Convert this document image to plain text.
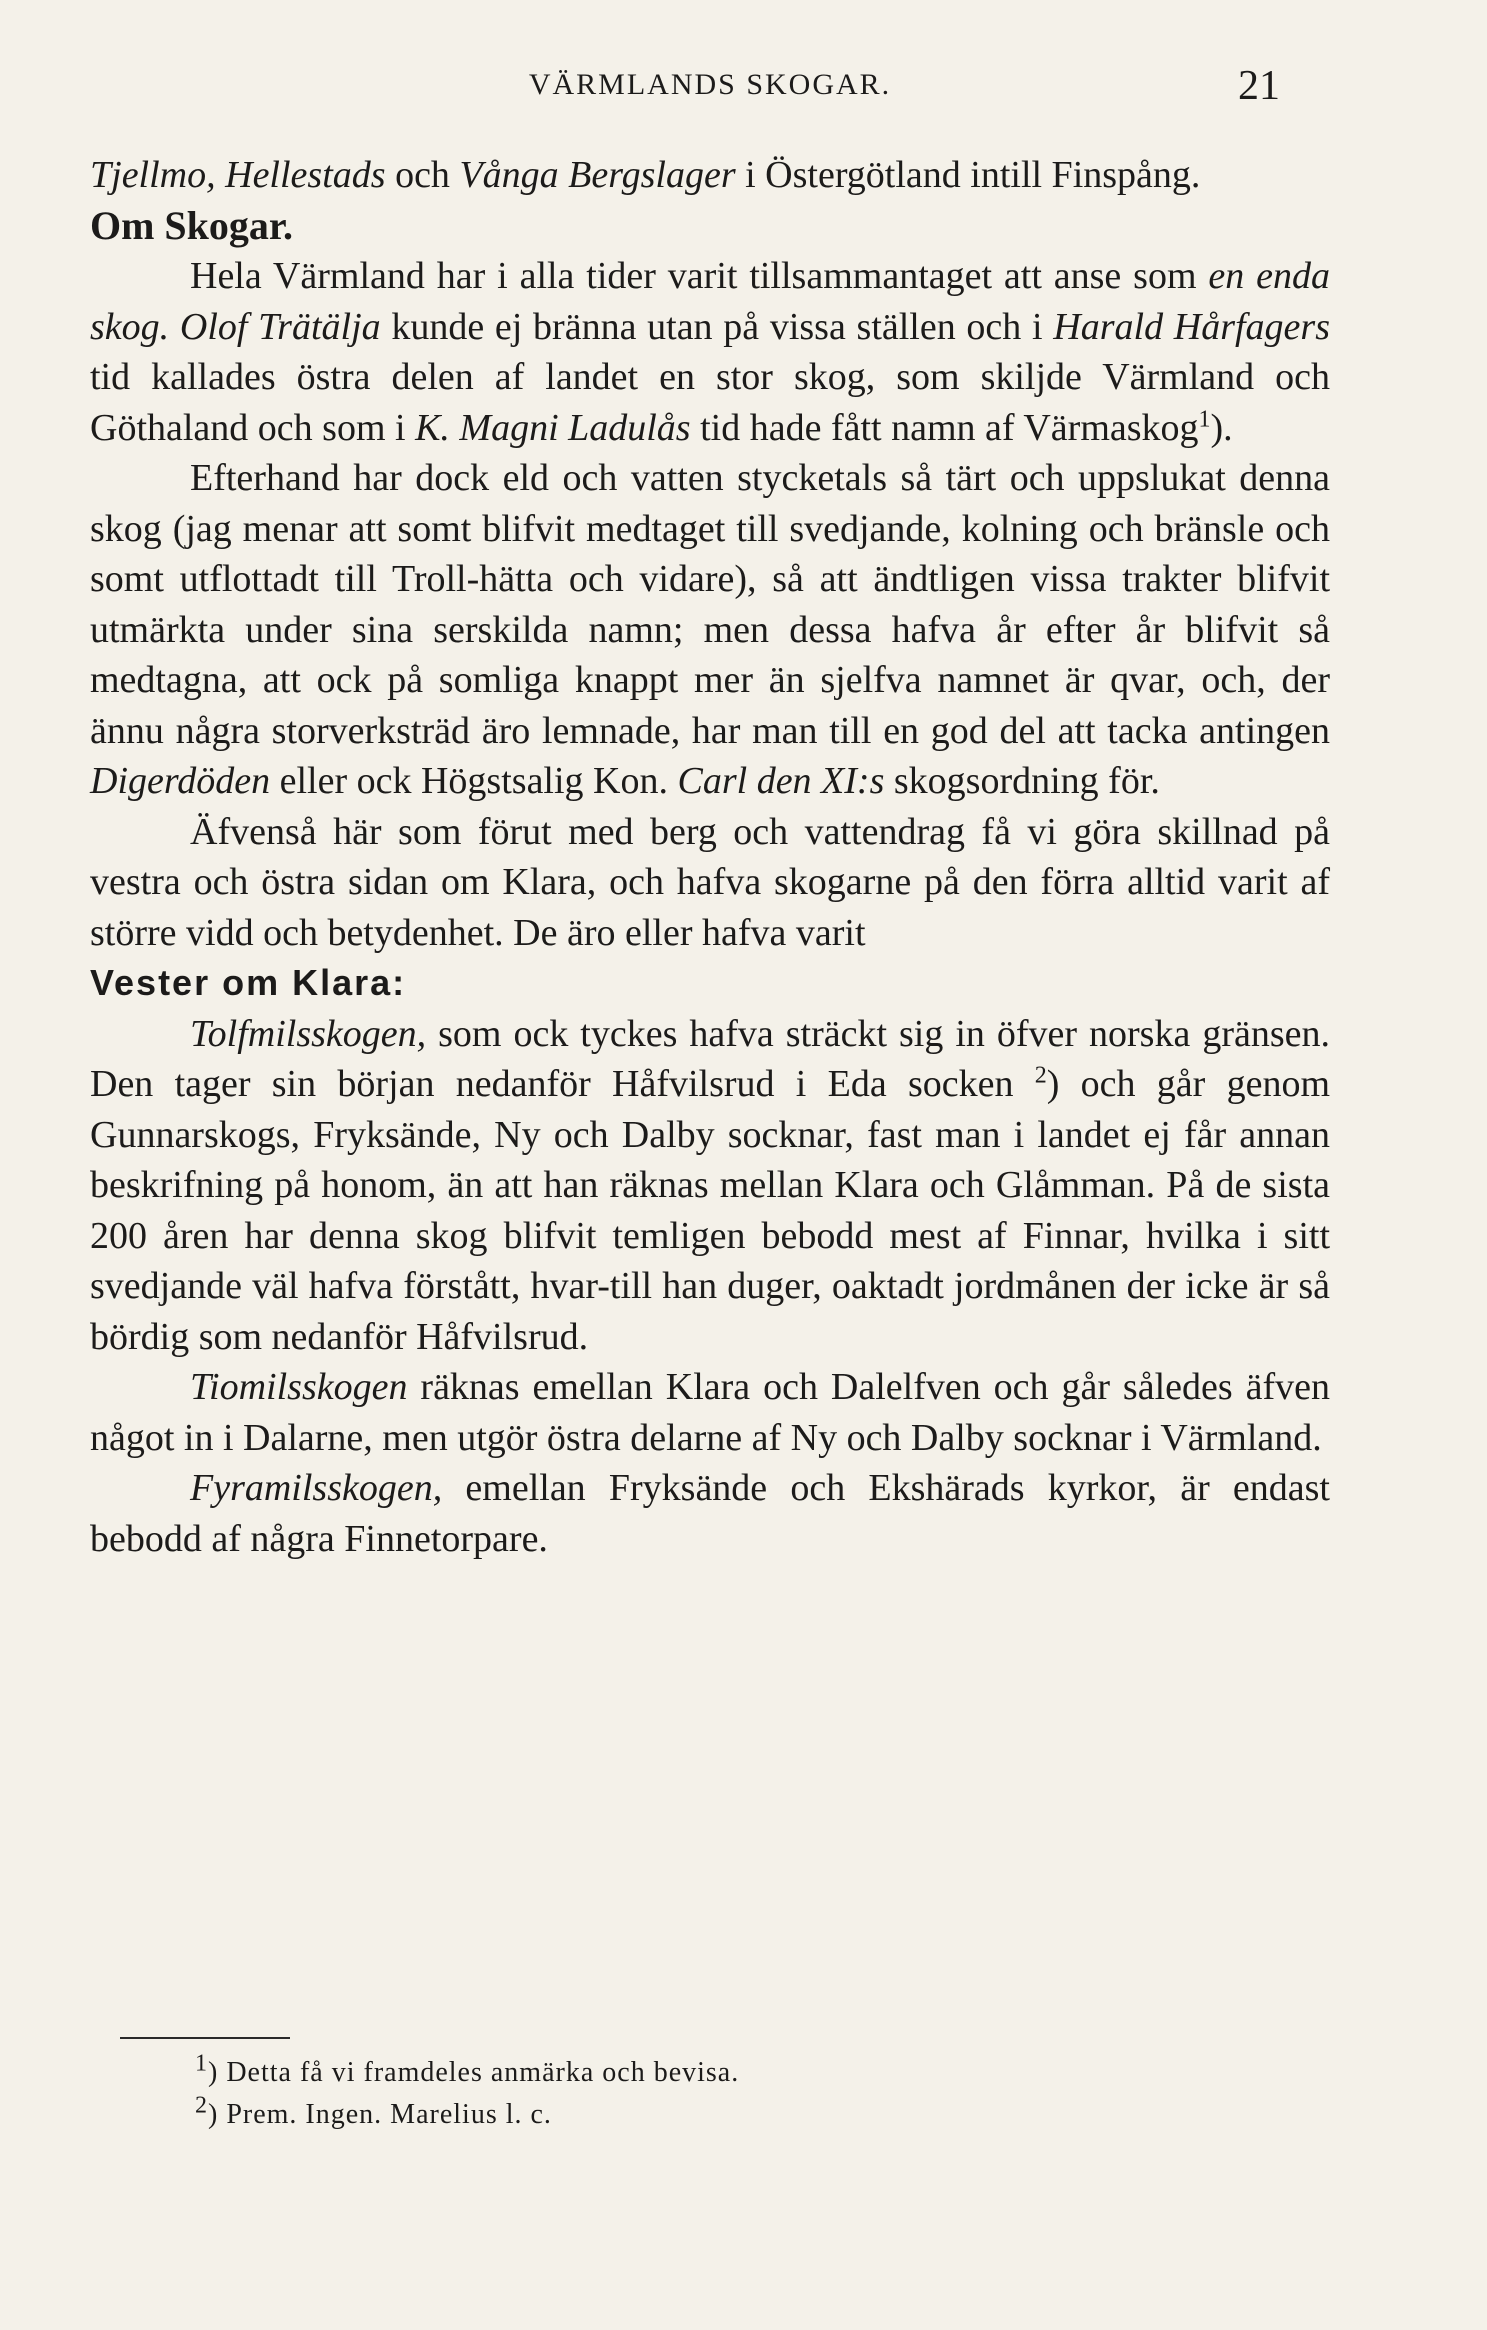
VÄRMLANDS SKOGAR.	21

Tjellmo, Hellestads och Vånga Bergslager i Östergötland intill Finspång.

Om Skogar.

Hela Värmland har i alla tider varit tillsammantaget att anse som en enda skog. Olof Trätälja kunde ej bränna utan på vissa ställen och i Harald Hårfagers tid kallades östra delen af landet en stor skog, som skiljde Värmland och Göthaland och som i K. Magni Ladulås tid hade fått namn af Värmaskog$^1$).

Efterhand har dock eld och vatten stycketals så tärt och uppslukat denna skog (jag menar att somt blifvit medtaget till svedjande, kolning och bränsle och somt utflottadt till Troll-hätta och vidare), så att ändtligen vissa trakter blifvit utmärkta under sina serskilda namn; men dessa hafva år efter år blifvit så medtagna, att ock på somliga knappt mer än sjelfva namnet är qvar, och, der ännu några storverksträd äro lemnade, har man till en god del att tacka antingen Digerdöden eller ock Högstsalig Kon. Carl den XI:s skogsordning för.

Äfvenså här som förut med berg och vattendrag få vi göra skillnad på vestra och östra sidan om Klara, och hafva skogarne på den förra alltid varit af större vidd och betydenhet. De äro eller hafva varit

Vester om Klara:

Tolfmilsskogen, som ock tyckes hafva sträckt sig in öfver norska gränsen. Den tager sin början nedanför Håfvilsrud i Eda socken $^2$) och går genom Gunnarskogs, Fryksände, Ny och Dalby socknar, fast man i landet ej får annan beskrifning på honom, än att han räknas mellan Klara och Glåmman. På de sista 200 åren har denna skog blifvit temligen bebodd mest af Finnar, hvilka i sitt svedjande väl hafva förstått, hvar-till han duger, oaktadt jordmånen der icke är så bördig som nedanför Håfvilsrud.

Tiomilsskogen räknas emellan Klara och Dalelfven och går således äfven något in i Dalarne, men utgör östra delarne af Ny och Dalby socknar i Värmland.

Fyramilsskogen, emellan Fryksände och Ekshärads kyrkor, är endast bebodd af några Finnetorpare.

$^1$) Detta få vi framdeles anmärka och bevisa.
$^2$) Prem. Ingen. Marelius l. c.
